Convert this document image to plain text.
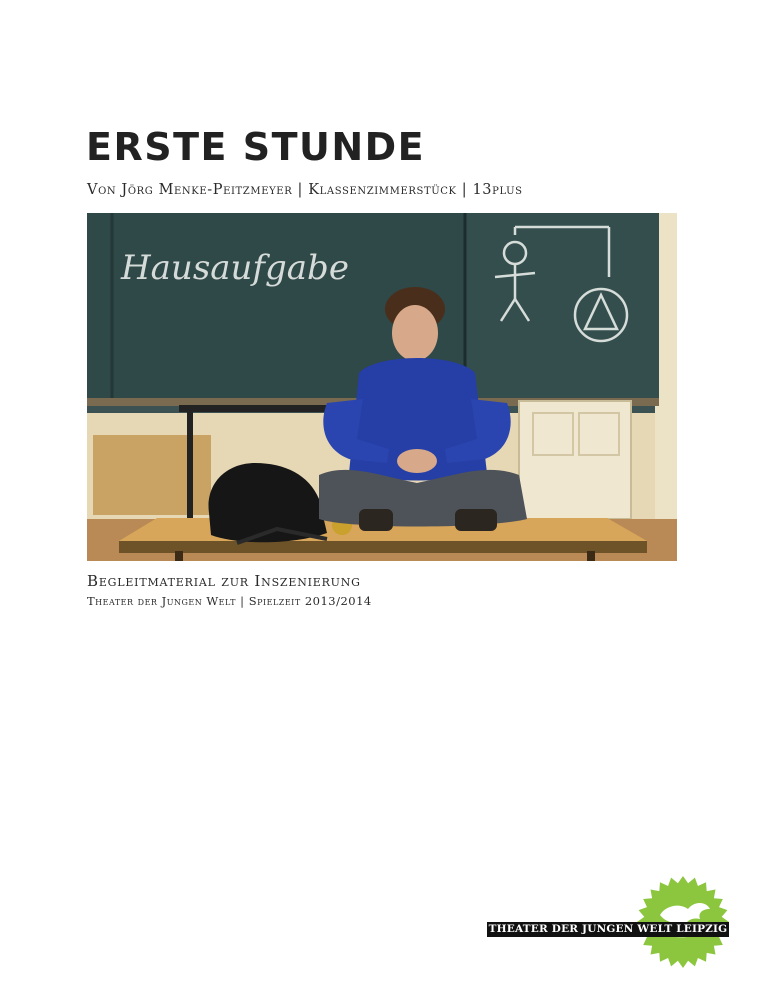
ERSTE STUNDE
Von Jörg Menke-Peitzmeyer | Klassenzimmerstück | 13plus
Hausaufgabe
Begleitmaterial zur Inszenierung
Theater der Jungen Welt | Spielzeit 2013/2014
THEATER DER JUNGEN WELT LEIPZIG
